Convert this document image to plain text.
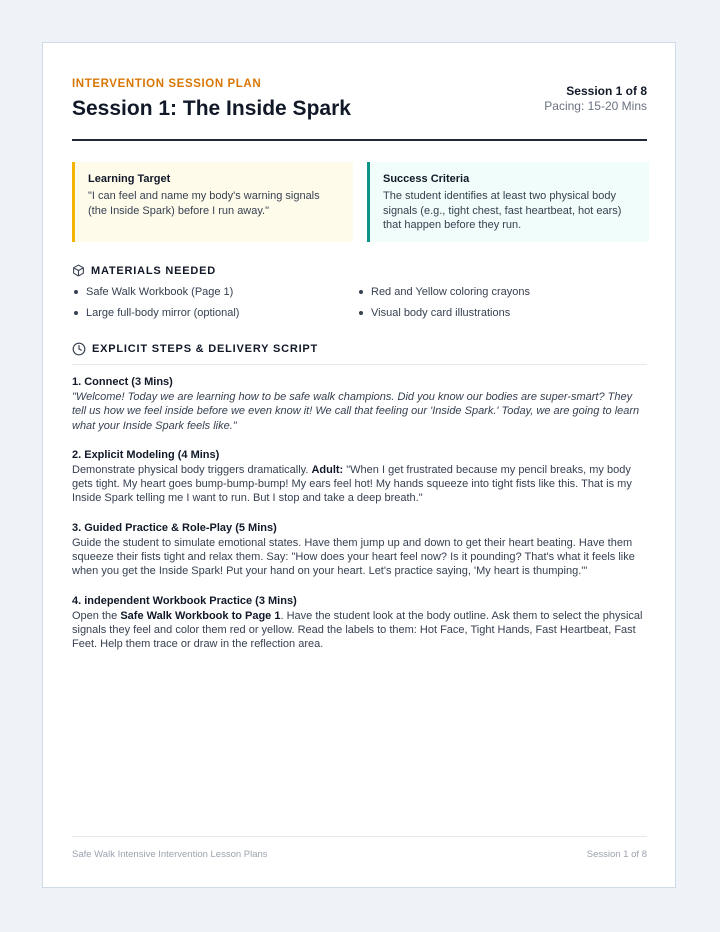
INTERVENTION SESSION PLAN
Session 1: The Inside Spark
Session 1 of 8
Pacing: 15-20 Mins
Learning Target
"I can feel and name my body's warning signals (the Inside Spark) before I run away."
Success Criteria
The student identifies at least two physical body signals (e.g., tight chest, fast heartbeat, hot ears) that happen before they run.
MATERIALS NEEDED
Safe Walk Workbook (Page 1)
Large full-body mirror (optional)
Red and Yellow coloring crayons
Visual body card illustrations
EXPLICIT STEPS & DELIVERY SCRIPT
1. Connect (3 Mins)
"Welcome! Today we are learning how to be safe walk champions. Did you know our bodies are super-smart? They tell us how we feel inside before we even know it! We call that feeling our 'Inside Spark.' Today, we are going to learn what your Inside Spark feels like."
2. Explicit Modeling (4 Mins)
Demonstrate physical body triggers dramatically. Adult: "When I get frustrated because my pencil breaks, my body gets tight. My heart goes bump-bump-bump! My ears feel hot! My hands squeeze into tight fists like this. That is my Inside Spark telling me I want to run. But I stop and take a deep breath."
3. Guided Practice & Role-Play (5 Mins)
Guide the student to simulate emotional states. Have them jump up and down to get their heart beating. Have them squeeze their fists tight and relax them. Say: "How does your heart feel now? Is it pounding? That's what it feels like when you get the Inside Spark! Put your hand on your heart. Let's practice saying, 'My heart is thumping.'"
4. independent Workbook Practice (3 Mins)
Open the Safe Walk Workbook to Page 1. Have the student look at the body outline. Ask them to select the physical signals they feel and color them red or yellow. Read the labels to them: Hot Face, Tight Hands, Fast Heartbeat, Fast Feet. Help them trace or draw in the reflection area.
Safe Walk Intensive Intervention Lesson Plans	Session 1 of 8
